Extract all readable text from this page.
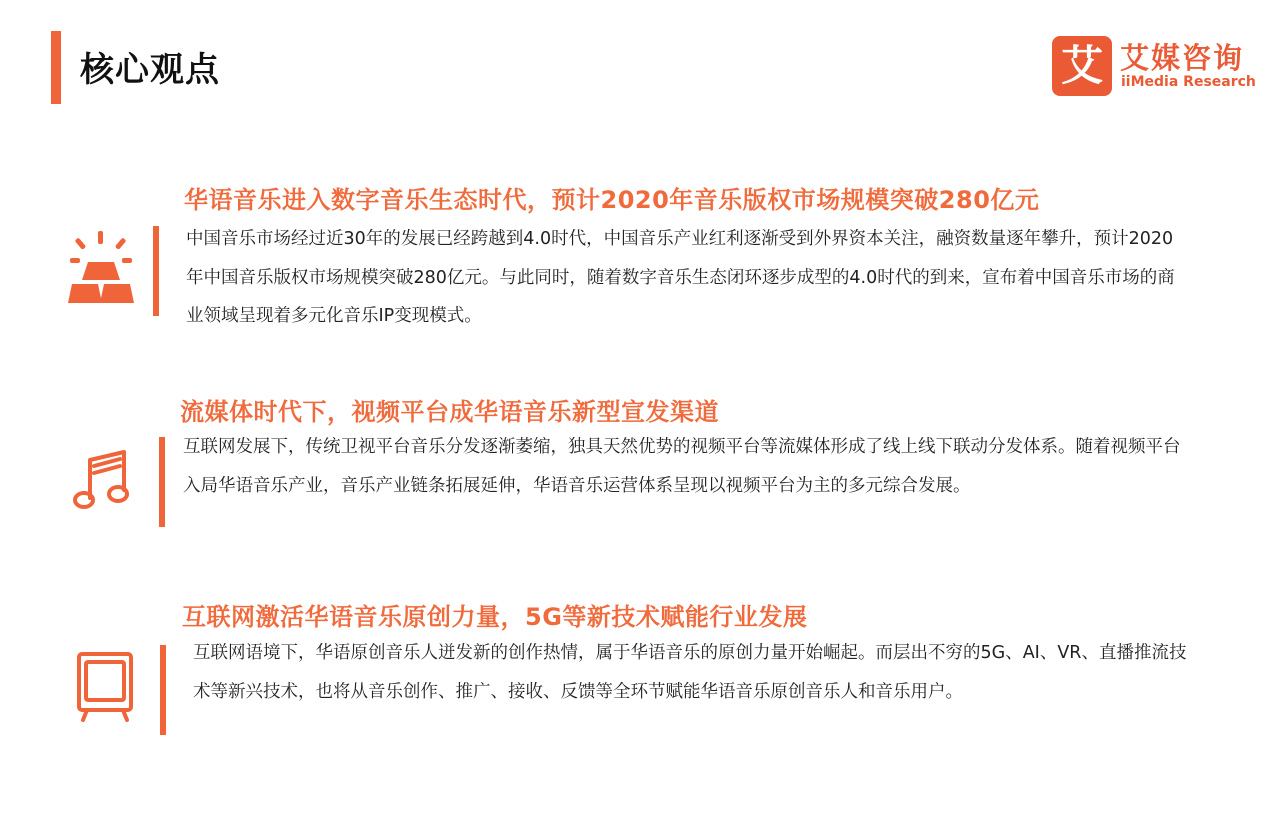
核心观点	艾 艾媒咨询
iiMedia Research
华语音乐进入数字音乐生态时代，预计2020年音乐版权市场规模突破280亿元
中国音乐市场经过近30年的发展已经跨越到4.0时代，中国音乐产业红利逐渐受到外界资本关注，融资数量逐年攀升，预计2020年中国音乐版权市场规模突破280亿元。与此同时，随着数字音乐生态闭环逐步成型的4.0时代的到来，宣布着中国音乐市场的商业领域呈现着多元化音乐IP变现模式。
流媒体时代下，视频平台成华语音乐新型宣发渠道
互联网发展下，传统卫视平台音乐分发逐渐萎缩，独具天然优势的视频平台等流媒体形成了线上线下联动分发体系。随着视频平台入局华语音乐产业，音乐产业链条拓展延伸，华语音乐运营体系呈现以视频平台为主的多元综合发展。
互联网激活华语音乐原创力量，5G等新技术赋能行业发展
互联网语境下，华语原创音乐人迸发新的创作热情，属于华语音乐的原创力量开始崛起。而层出不穷的5G、AI、VR、直播推流技术等新兴技术，也将从音乐创作、推广、接收、反馈等全环节赋能华语音乐原创音乐人和音乐用户。
